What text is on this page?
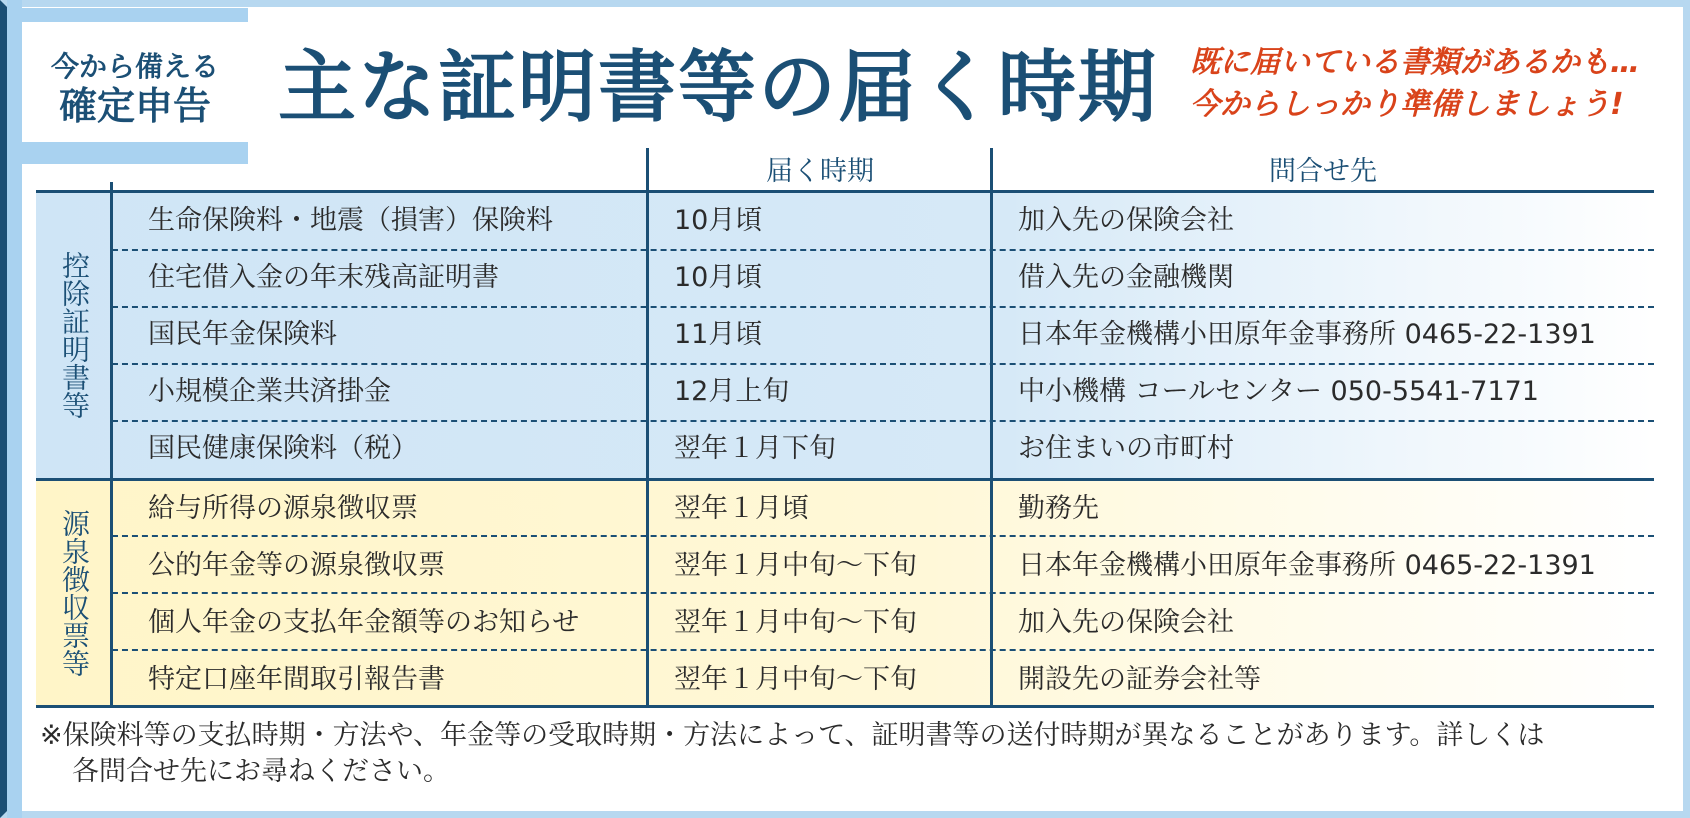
今から備える
確定申告 主な証明書等の届く時期 既に届いている書類があるかも…
今からしっかり準備しましょう!
届く時期	問合せ先
控除証明書等
源泉徴収票等
生命保険料・地震（損害）保険料	10月頃	加入先の保険会社
住宅借入金の年末残高証明書	10月頃	借入先の金融機関
国民年金保険料	11月頃	日本年金機構小田原年金事務所 0465-22-1391
小規模企業共済掛金	12月上旬	中小機構 コールセンター 050-5541-7171
国民健康保険料（税）	翌年１月下旬	お住まいの市町村
給与所得の源泉徴収票	翌年１月頃	勤務先
公的年金等の源泉徴収票	翌年１月中旬～下旬	日本年金機構小田原年金事務所 0465-22-1391
個人年金の支払年金額等のお知らせ	翌年１月中旬～下旬	加入先の保険会社
特定口座年間取引報告書	翌年１月中旬～下旬	開設先の証券会社等
※保険料等の支払時期・方法や、年金等の受取時期・方法によって、証明書等の送付時期が異なることがあります。詳しくは
各問合せ先にお尋ねください。
